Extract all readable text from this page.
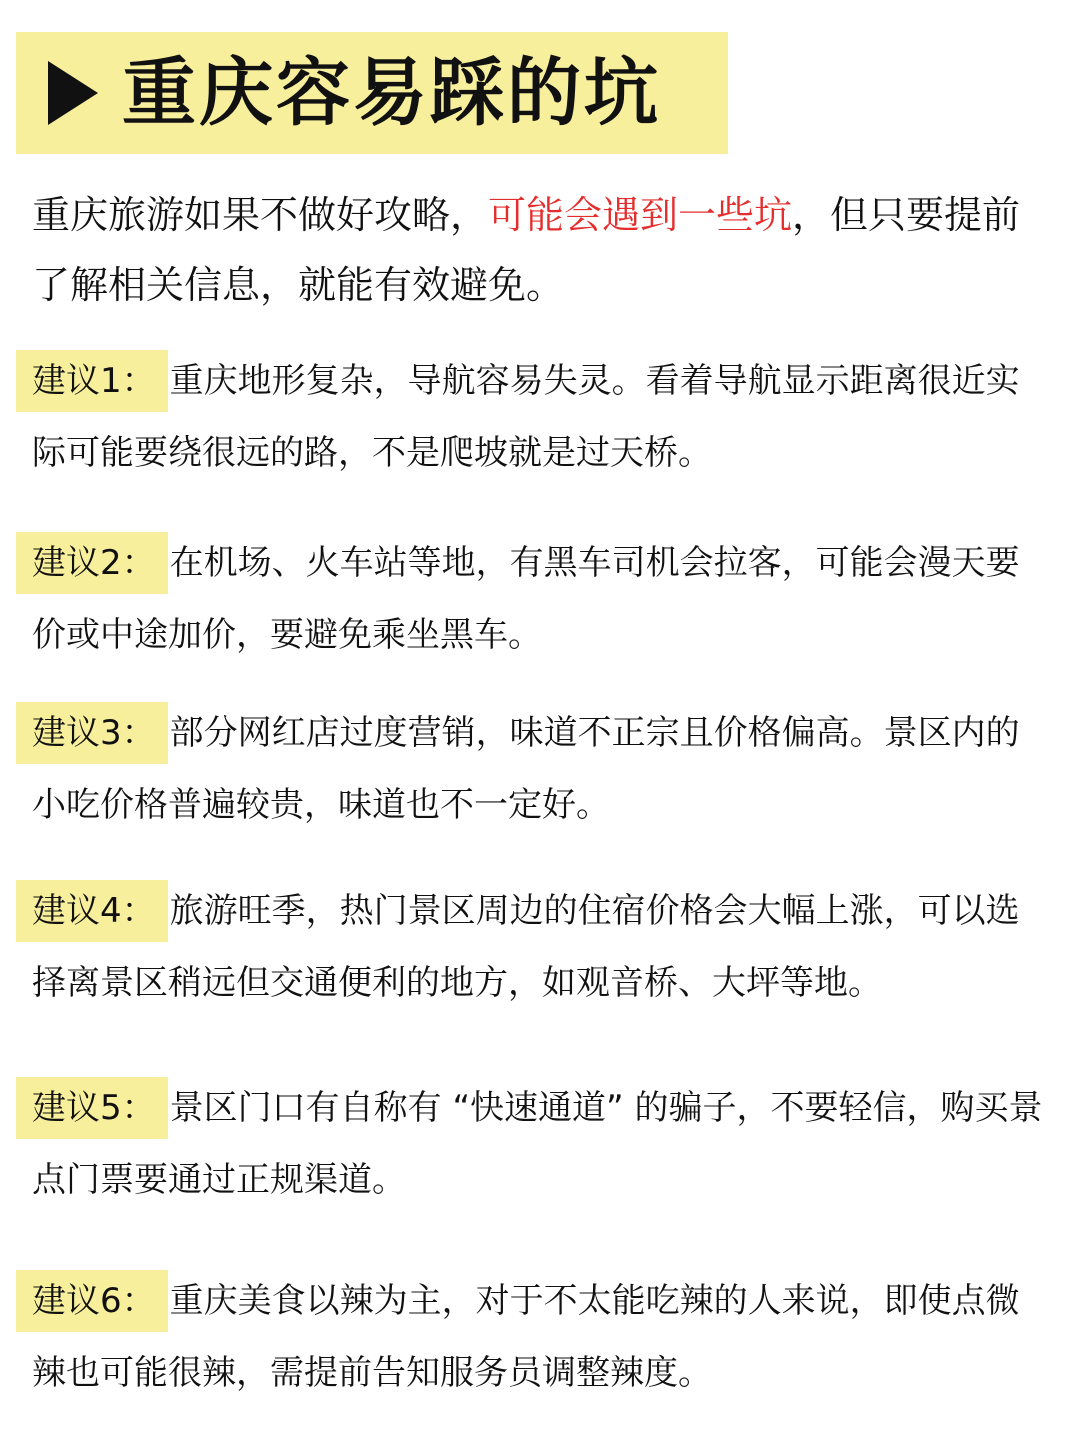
重庆容易踩的坑
重庆旅游如果不做好攻略，可能会遇到一些坑，但只要提前了解相关信息，就能有效避免。
建议1： 重庆地形复杂，导航容易失灵。看着导航显示距离很近实际可能要绕很远的路，不是爬坡就是过天桥。
建议2： 在机场、火车站等地，有黑车司机会拉客，可能会漫天要价或中途加价，要避免乘坐黑车。
建议3： 部分网红店过度营销，味道不正宗且价格偏高。景区内的小吃价格普遍较贵，味道也不一定好。
建议4： 旅游旺季，热门景区周边的住宿价格会大幅上涨，可以选择离景区稍远但交通便利的地方，如观音桥、大坪等地。
建议5： 景区门口有自称有 “快速通道” 的骗子，不要轻信，购买景点门票要通过正规渠道。
建议6： 重庆美食以辣为主，对于不太能吃辣的人来说，即使点微辣也可能很辣，需提前告知服务员调整辣度。
